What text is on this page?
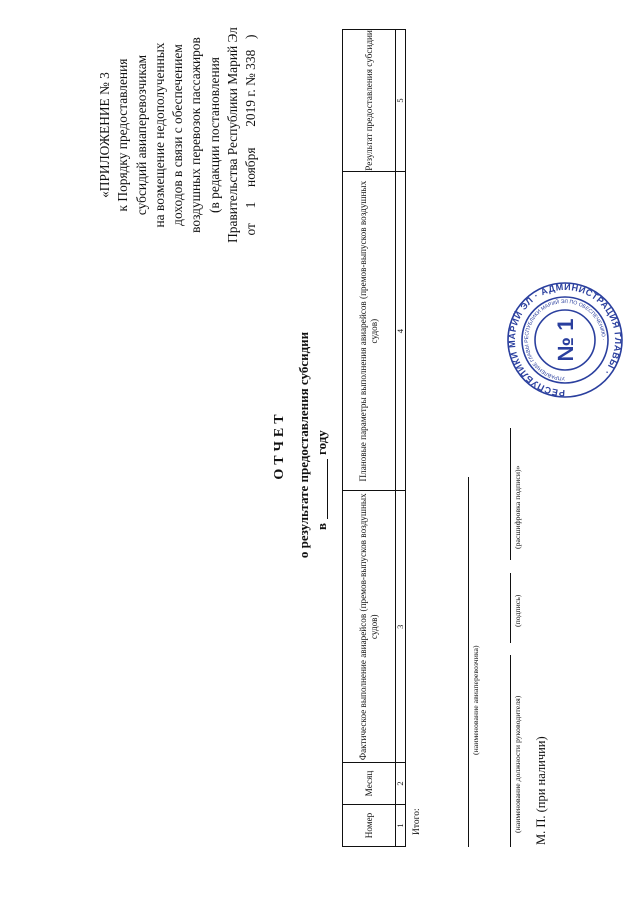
«ПРИЛОЖЕНИЕ № 3 к Порядку предоставления субсидий авиаперевозчикам на возмещение недополученных доходов в связи с обеспечением воздушных перевозок пассажиров (в редакции постановления Правительства Республики Марий Эл от  1  ноября  2019 г. № 338  )
ОТЧЕТ о результате предоставления субсидии вгоду
Номер	Месяц	Фактическое выполнение авиарейсов (премов-выпусков воздушных судов)	Плановые параметры выполнения авиарейсов (премов-выпусков воздушных судов)	Результат предоставления субсидии
1	2	3	4	5
Итого:
(наименование авиаперевозчика)	(наименование должности руководителя)
(подпись)
(расшифровка подписи)»
М. П. (при наличии)
РЕСПУБЛИКИ МАРИЙ ЭЛ · АДМИНИСТРАЦИЯ ГЛАВЫ ·
УПРАВЛЕНИЕ ГЛАВЫ РЕСПУБЛИКИ МАРИЙ ЭЛ ПО ОБЕСПЕЧЕНИЮ ·
№ 1
